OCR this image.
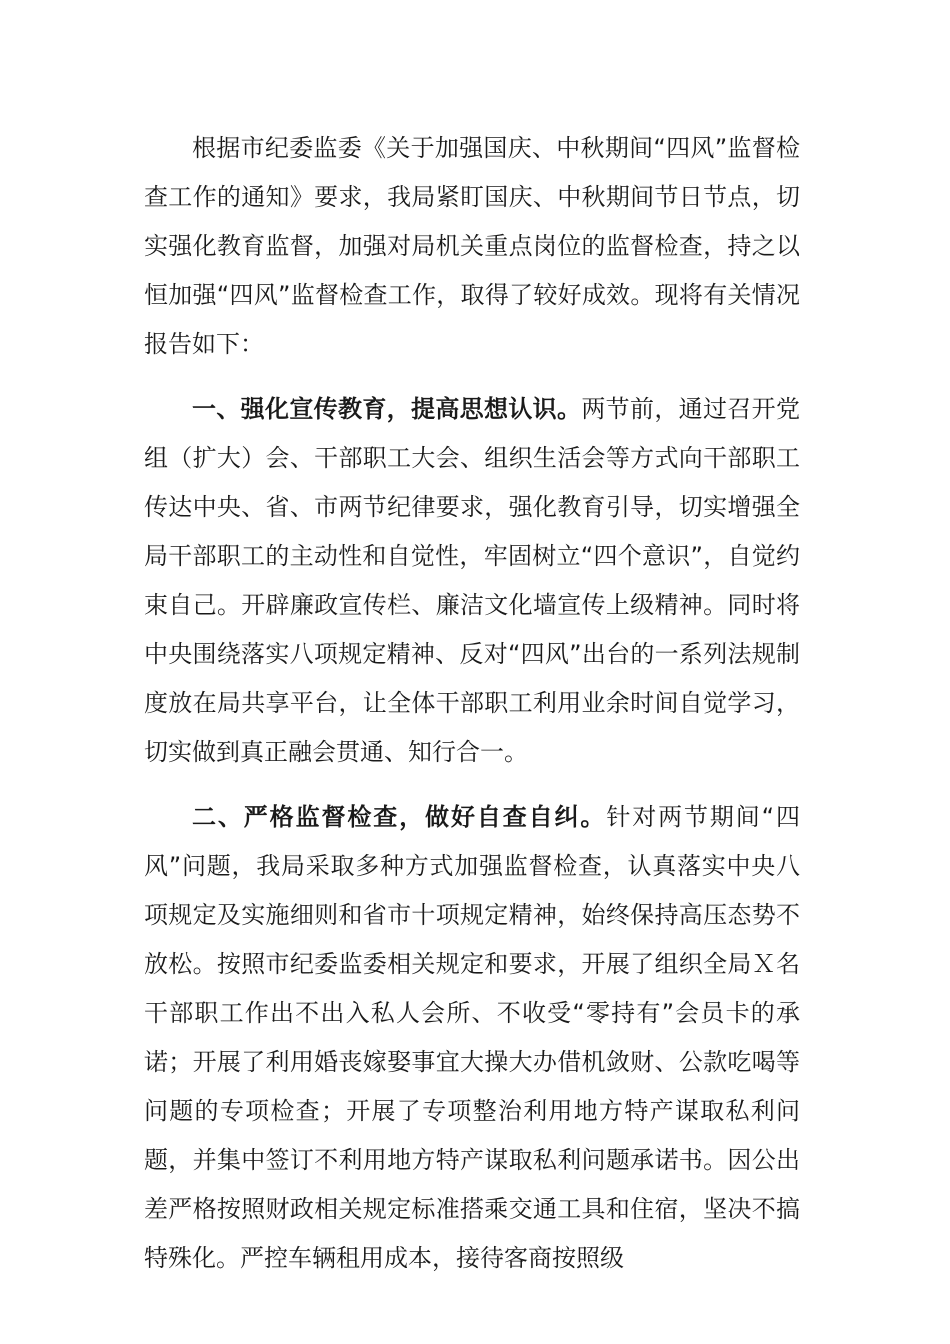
根据市纪委监委《关于加强国庆、中秋期间“四风”监督检查工作的通知》要求，我局紧盯国庆、中秋期间节日节点，切实强化教育监督，加强对局机关重点岗位的监督检查，持之以恒加强“四风”监督检查工作，取得了较好成效。现将有关情况报告如下：

一、强化宣传教育，提高思想认识。两节前，通过召开党组（扩大）会、干部职工大会、组织生活会等方式向干部职工传达中央、省、市两节纪律要求，强化教育引导，切实增强全局干部职工的主动性和自觉性，牢固树立“四个意识”，自觉约束自己。开辟廉政宣传栏、廉洁文化墙宣传上级精神。同时将中央围绕落实八项规定精神、反对“四风”出台的一系列法规制度放在局共享平台，让全体干部职工利用业余时间自觉学习，切实做到真正融会贯通、知行合一。

二、严格监督检查，做好自查自纠。针对两节期间“四风”问题，我局采取多种方式加强监督检查，认真落实中央八项规定及实施细则和省市十项规定精神，始终保持高压态势不放松。按照市纪委监委相关规定和要求，开展了组织全局Ｘ名干部职工作出不出入私人会所、不收受“零持有”会员卡的承诺；开展了利用婚丧嫁娶事宜大操大办借机敛财、公款吃喝等问题的专项检查；开展了专项整治利用地方特产谋取私利问题，并集中签订不利用地方特产谋取私利问题承诺书。因公出差严格按照财政相关规定标准搭乘交通工具和住宿，坚决不搞特殊化。严控车辆租用成本，接待客商按照级
